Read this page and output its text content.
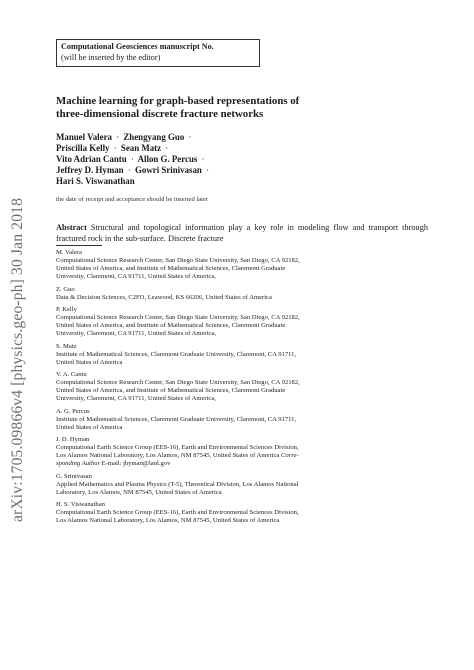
arXiv:1705.09866v4 [physics.geo-ph] 30 Jan 2018
Computational Geosciences manuscript No.
(will be inserted by the editor)
Machine learning for graph-based representations of
three-dimensional discrete fracture networks
Manuel Valera · Zhengyang Guo ·
Priscilla Kelly · Sean Matz ·
Vito Adrian Cantu · Allon G. Percus ·
Jeffrey D. Hyman · Gowri Srinivasan ·
Hari S. Viswanathan
the date of receipt and acceptance should be inserted later
Abstract Structural and topological information play a key role in modeling flow and transport through fractured rock in the sub-surface. Discrete fracture
M. Valera
Computational Science Research Center, San Diego State University, San Diego, CA 92182,
United States of America, and Institute of Mathematical Sciences, Claremont Graduate
University, Claremont, CA 91711, United States of America,
Z. Guo
Data & Decision Sciences, C2FO, Leawood, KS 66206, United States of America
P. Kelly
Computational Science Research Center, San Diego State University, San Diego, CA 92182,
United States of America, and Institute of Mathematical Sciences, Claremont Graduate
University, Claremont, CA 91711, United States of America,
S. Matz
Institute of Mathematical Sciences, Claremont Graduate University, Claremont, CA 91711,
United States of America
V. A. Cantu
Computational Science Research Center, San Diego State University, San Diego, CA 92182,
United States of America, and Institute of Mathematical Sciences, Claremont Graduate
University, Claremont, CA 91711, United States of America,
A. G. Percus
Institute of Mathematical Sciences, Claremont Graduate University, Claremont, CA 91711,
United States of America
J. D. Hyman
Computational Earth Science Group (EES-16), Earth and Environmental Sciences Division,
Los Alamos National Laboratory, Los Alamos, NM 87545, United States of America Corre-
sponding Author E-mail: jhyman@lanl.gov
G. Srinivasan
Applied Mathematics and Plasma Physics (T-5), Theoretical Division, Los Alamos National
Laboratory, Los Alamos, NM 87545, United States of America
H. S. Viswanathan
Computational Earth Science Group (EES-16), Earth and Environmental Sciences Division,
Los Alamos National Laboratory, Los Alamos, NM 87545, United States of America
